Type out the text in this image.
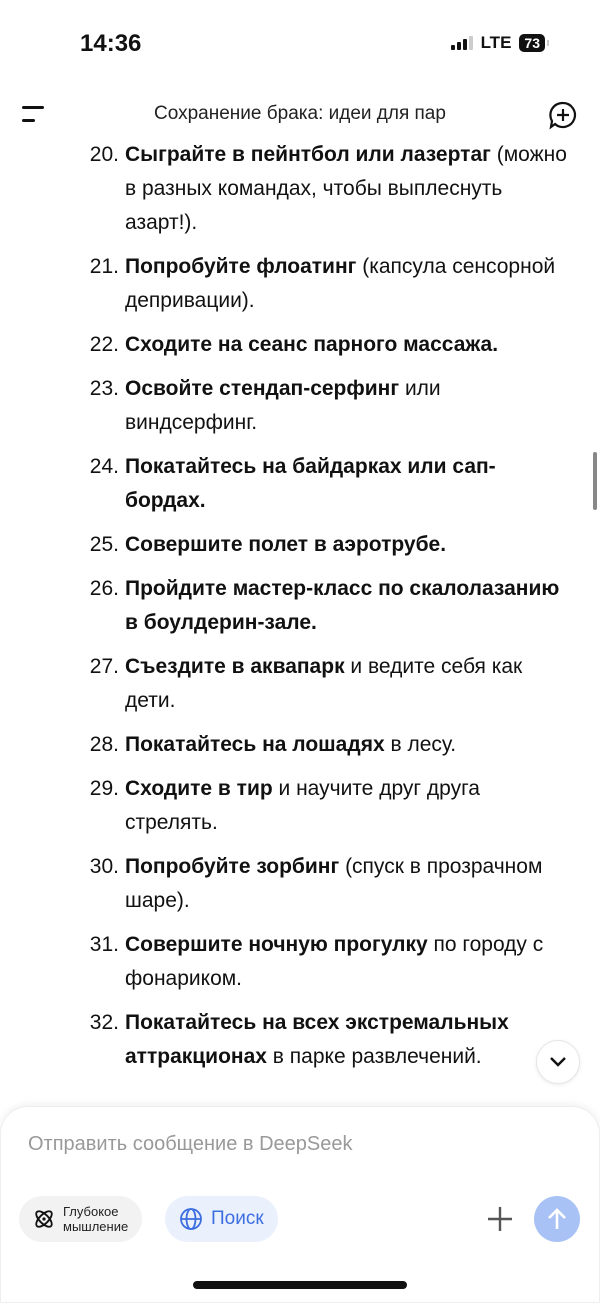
14:36	LTE 73
Сохранение брака: идеи для пар
20. Сыграйте в пейнтбол или лазертаг (можно в разных командах, чтобы выплеснуть азарт!).
21. Попробуйте флоатинг (капсула сенсорной депривации).
22. Сходите на сеанс парного массажа.
23. Освойте стендап-серфинг или виндсерфинг.
24. Покатайтесь на байдарках или сап-бордах.
25. Совершите полет в аэротрубе.
26. Пройдите мастер-класс по скалолазанию в боулдерин-зале.
27. Съездите в аквапарк и ведите себя как дети.
28. Покатайтесь на лошадях в лесу.
29. Сходите в тир и научите друг друга стрелять.
30. Попробуйте зорбинг (спуск в прозрачном шаре).
31. Совершите ночную прогулку по городу с фонариком.
32. Покатайтесь на всех экстремальных аттракционах в парке развлечений.
Отправить сообщение в DeepSeek
Глубокое
мышление	Поиск
